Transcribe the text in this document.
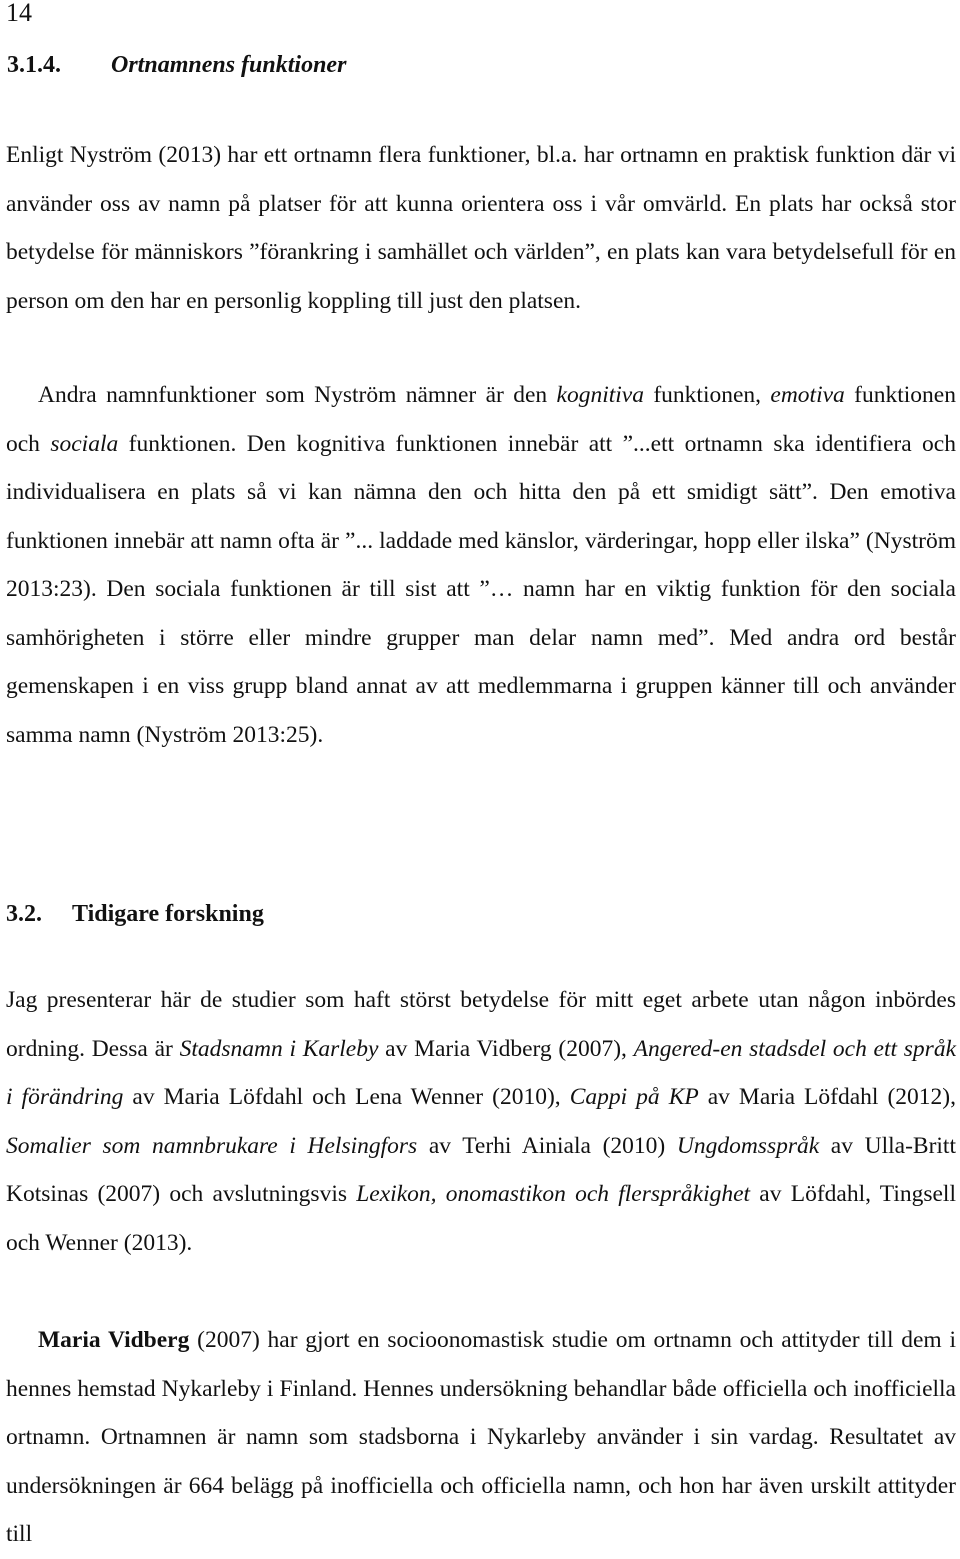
14
3.1.4. Ortnamnens funktioner

Enligt Nyström (2013) har ett ortnamn flera funktioner, bl.a. har ortnamn en praktisk funktion där vi använder oss av namn på platser för att kunna orientera oss i vår omvärld. En plats har också stor betydelse för människors ”förankring i samhället och världen”, en plats kan vara betydelsefull för en person om den har en personlig koppling till just den platsen.

Andra namnfunktioner som Nyström nämner är den kognitiva funktionen, emotiva funktionen och sociala funktionen. Den kognitiva funktionen innebär att ”...ett ortnamn ska identifiera och individualisera en plats så vi kan nämna den och hitta den på ett smidigt sätt”. Den emotiva funktionen innebär att namn ofta är ”... laddade med känslor, värderingar, hopp eller ilska” (Nyström 2013:23). Den sociala funktionen är till sist att ”… namn har en viktig funktion för den sociala samhörigheten i större eller mindre grupper man delar namn med”. Med andra ord består gemenskapen i en viss grupp bland annat av att medlemmarna i gruppen känner till och använder samma namn (Nyström 2013:25).

3.2. Tidigare forskning

Jag presenterar här de studier som haft störst betydelse för mitt eget arbete utan någon inbördes ordning. Dessa är Stadsnamn i Karleby av Maria Vidberg (2007), Angered-en stadsdel och ett språk i förändring av Maria Löfdahl och Lena Wenner (2010), Cappi på KP av Maria Löfdahl (2012), Somalier som namnbrukare i Helsingfors av Terhi Ainiala (2010) Ungdomsspråk av Ulla-Britt Kotsinas (2007) och avslutningsvis Lexikon, onomastikon och flerspråkighet av Löfdahl, Tingsell och Wenner (2013).

Maria Vidberg (2007) har gjort en socioonomastisk studie om ortnamn och attityder till dem i hennes hemstad Nykarleby i Finland. Hennes undersökning behandlar både officiella och inofficiella ortnamn. Ortnamnen är namn som stadsborna i Nykarleby använder i sin vardag. Resultatet av undersökningen är 664 belägg på inofficiella och officiella namn, och hon har även urskilt attityder till
